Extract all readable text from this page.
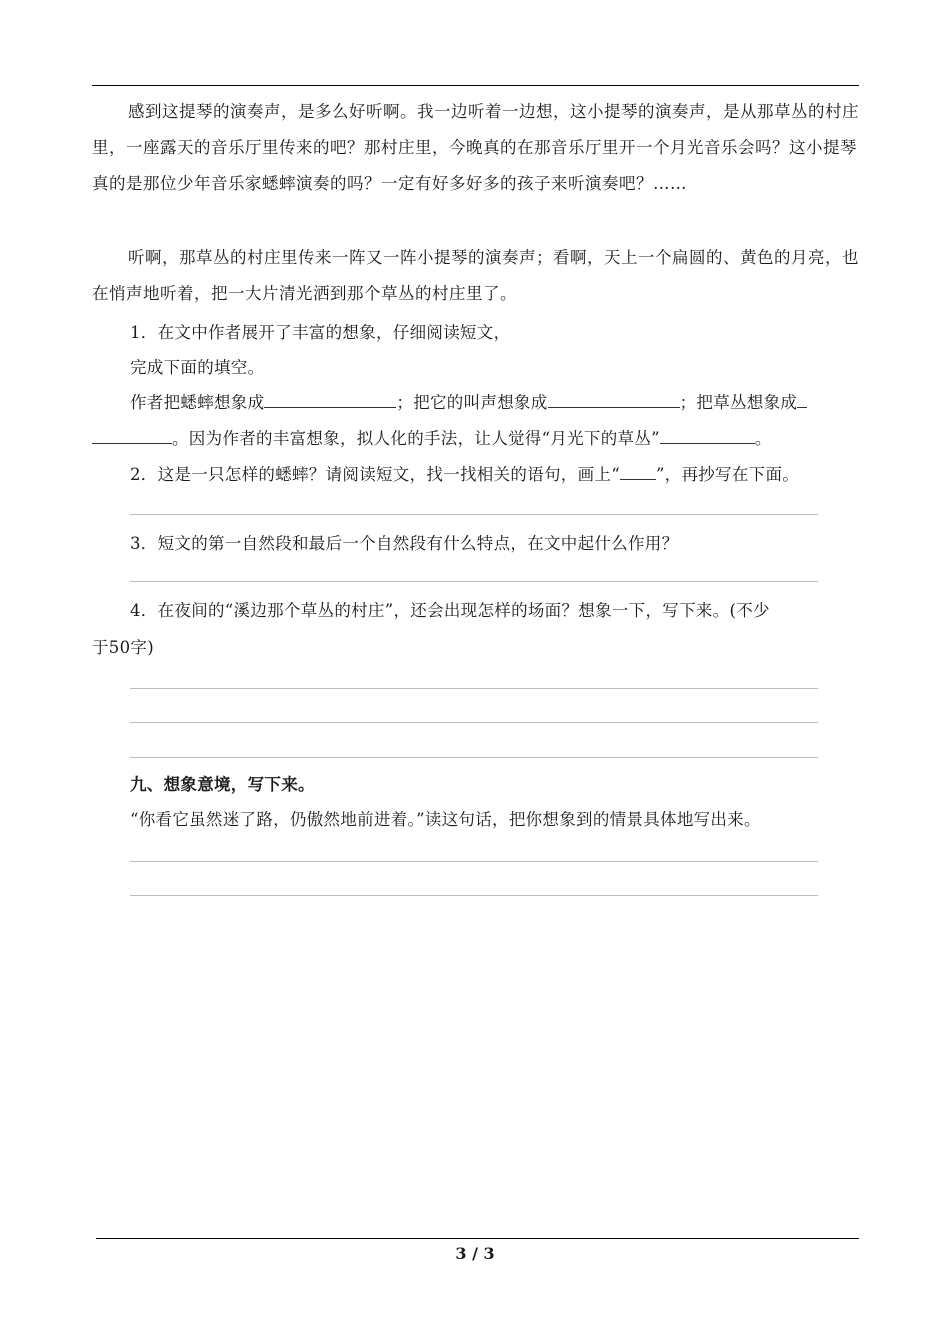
感到这提琴的演奏声，是多么好听啊。我一边听着一边想，这小提琴的演奏声，是从那草丛的村庄里，一座露天的音乐厅里传来的吧？那村庄里，今晚真的在那音乐厅里开一个月光音乐会吗？这小提琴真的是那位少年音乐家蟋蟀演奏的吗？一定有好多好多的孩子来听演奏吧？……
听啊，那草丛的村庄里传来一阵又一阵小提琴的演奏声；看啊，天上一个扁圆的、黄色的月亮，也在悄声地听着，把一大片清光洒到那个草丛的村庄里了。
1．在文中作者展开了丰富的想象，仔细阅读短文，
完成下面的填空。
作者把蟋蟀想象成	；把它的叫声想象成	；把草丛想象成
。因为作者的丰富想象，拟人化的手法，让人觉得“月光下的草丛”	。
2．这是一只怎样的蟋蟀？请阅读短文，找一找相关的语句，画上“ ”，再抄写在下面。
3．短文的第一自然段和最后一个自然段有什么特点，在文中起什么作用？
4．在夜间的“溪边那个草丛的村庄”，还会出现怎样的场面？想象一下，写下来。(不少
于50字)
九、想象意境，写下来。
“你看它虽然迷了路，仍傲然地前进着。”读这句话，把你想象到的情景具体地写出来。
3 / 3
